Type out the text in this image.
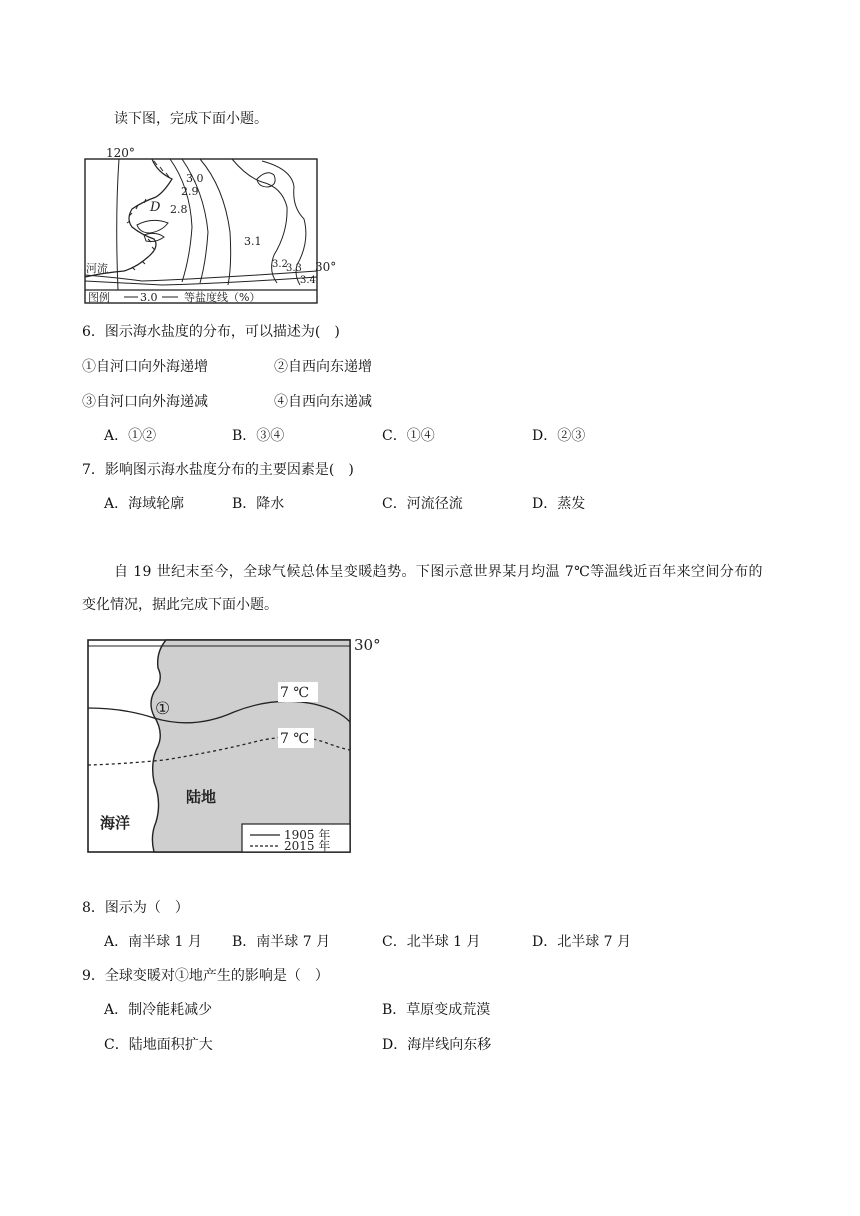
读下图，完成下面小题。
120°
30°
D
河流
3.0
2.9
2.8
3.1
3.2
3.3
3.4
图例	3.0 等盐度线（%）
6．图示海水盐度的分布，可以描述为(　)
①自河口向外海递增	②自西向东递增
③自河口向外海递减	④自西向东递减
A．①②	B．③④	C．①④	D．②③
7．影响图示海水盐度分布的主要因素是(　)
A．海域轮廓	B．降水	C．河流径流	D．蒸发
自 19 世纪末至今，全球气候总体呈变暖趋势。下图示意世界某月均温 7℃等温线近百年来空间分布的
变化情况，据此完成下面小题。
30°
7 ℃
7 ℃
①
陆地
海洋
1905 年
2015 年
8．图示为（　）
A．南半球 1 月 B．南半球 7 月	C．北半球 1 月	D．北半球 7 月
9．全球变暖对①地产生的影响是（　）
A．制冷能耗减少	B．草原变成荒漠
C．陆地面积扩大	D．海岸线向东移
